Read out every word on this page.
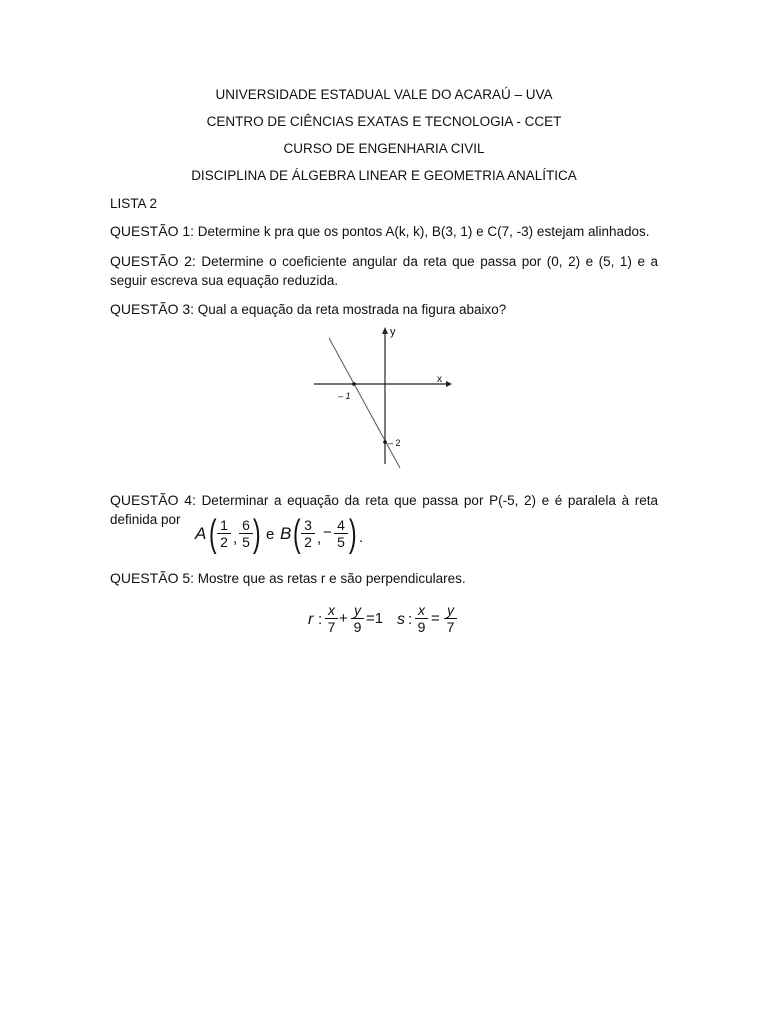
UNIVERSIDADE ESTADUAL VALE DO ACARAÚ – UVA
CENTRO DE CIÊNCIAS EXATAS E TECNOLOGIA - CCET
CURSO DE ENGENHARIA CIVIL
DISCIPLINA DE ÁLGEBRA LINEAR E GEOMETRIA ANALÍTICA
LISTA 2
QUESTÃO 1: Determine k pra que os pontos A(k, k), B(3, 1) e C(7, -3) estejam alinhados.
QUESTÃO 2: Determine o coeficiente angular da reta que passa por (0, 2) e (5, 1) e a
seguir escreva sua equação reduzida.
QUESTÃO 3: Qual a equação da reta mostrada na figura abaixo?
y
x
– 1
– 2
QUESTÃO 4: Determinar a equação da reta que passa por P(-5, 2) e é paralela à reta
definida por
A ( $\frac{1}{2}$ , $\frac{6}{5}$ ) e B ( $\frac{3}{2}$ , − $\frac{4}{5}$ ) .
QUESTÃO 5: Mostre que as retas r e são perpendiculares.
r : $\frac{x}{7} + \frac{y}{9} =1$ s : $\frac{x}{9} = \frac{y}{7}$
